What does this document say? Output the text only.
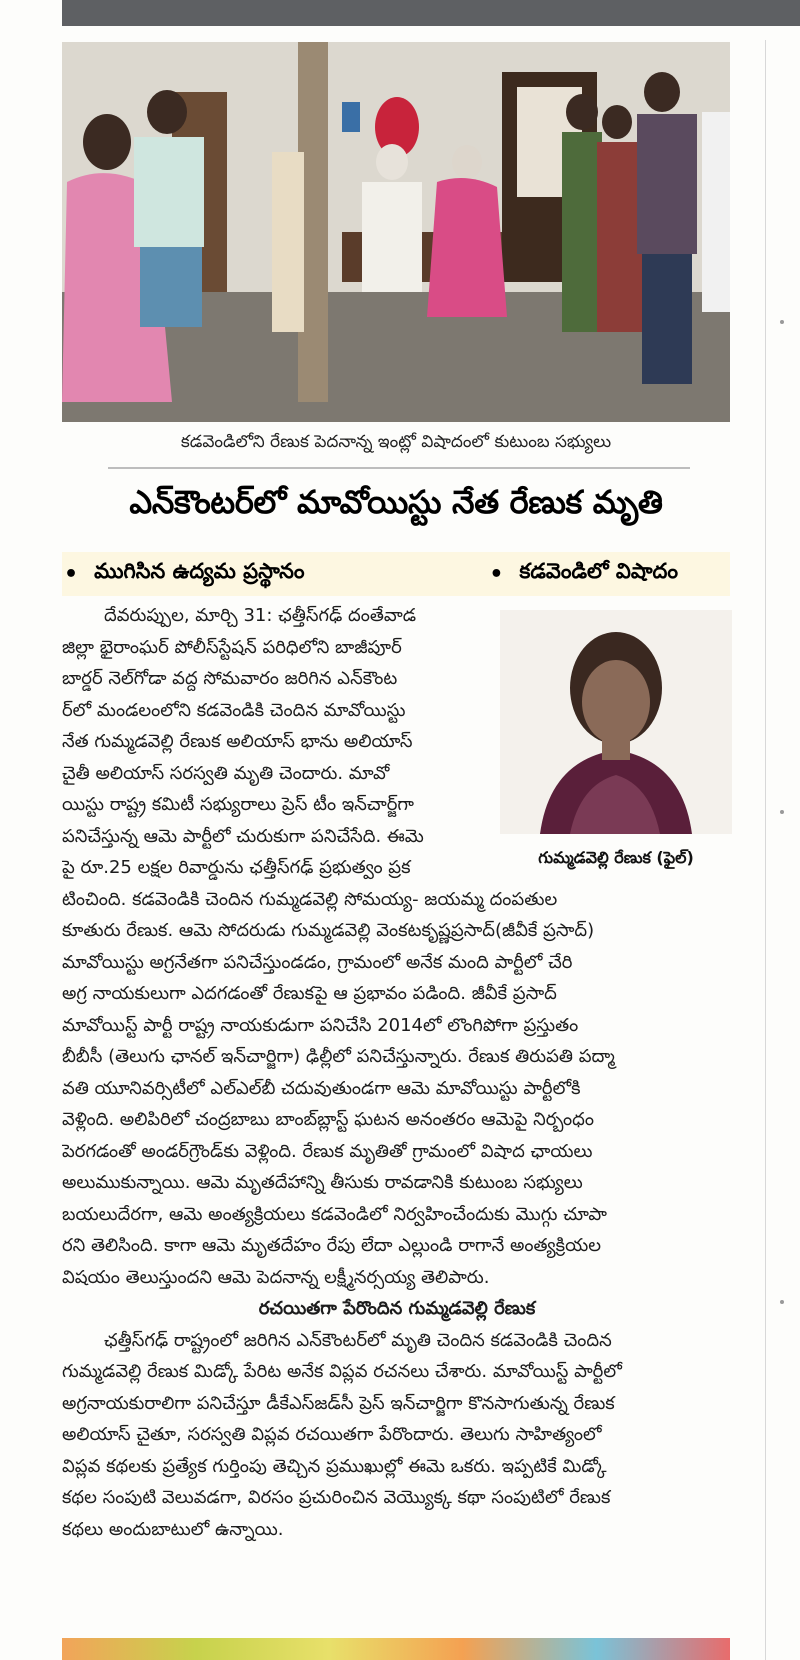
కడవెండిలోని రేణుక పెదనాన్న ఇంట్లో విషాదంలో కుటుంబ సభ్యులు
ఎన్‌కౌంటర్‌లో మావోయిస్టు నేత రేణుక మృతి
• ముగిసిన ఉద్యమ ప్రస్థానం	• కడవెండిలో విషాదం
గుమ్మడవెల్లి రేణుక (ఫైల్)
దేవరుప్పుల, మార్చి 31: ఛత్తీస్‌గఢ్ దంతేవాడ
జిల్లా భైరాంఘర్ పోలీస్‌స్టేషన్ పరిధిలోని బాజీపూర్
బార్డర్ నెల్‌గోడా వద్ద సోమవారం జరిగిన ఎన్‌కౌంట
ర్‌లో మండలంలోని కడవెండికి చెందిన మావోయిస్టు
నేత గుమ్మడవెల్లి రేణుక అలియాస్ భాను అలియాస్
చైతీ అలియాస్ సరస్వతి మృతి చెందారు. మావో
యిస్టు రాష్ట్ర కమిటీ సభ్యురాలు ప్రెస్ టీం ఇన్‌చార్జ్‌గా
పనిచేస్తున్న ఆమె పార్టీలో చురుకుగా పనిచేసేది. ఈమె
పై రూ.25 లక్షల రివార్డును ఛత్తీస్‌గఢ్ ప్రభుత్వం ప్రక
టించింది. కడవెండికి చెందిన గుమ్మడవెల్లి సోమయ్య- జయమ్మ దంపతుల
కూతురు రేణుక. ఆమె సోదరుడు గుమ్మడవెల్లి వెంకటకృష్ణప్రసాద్(జీవీకే ప్రసాద్)
మావోయిస్టు అగ్రనేతగా పనిచేస్తుండడం, గ్రామంలో అనేక మంది పార్టీలో చేరి
అగ్ర నాయకులుగా ఎదగడంతో రేణుకపై ఆ ప్రభావం పడింది. జీవీకే ప్రసాద్
మావోయిస్ట్ పార్టీ రాష్ట్ర నాయకుడుగా పనిచేసి 2014లో లొంగిపోగా ప్రస్తుతం
బీబీసీ (తెలుగు ఛానల్ ఇన్‌చార్జిగా) ఢిల్లీలో పనిచేస్తున్నారు. రేణుక తిరుపతి పద్మా
వతి యూనివర్సిటీలో ఎల్‌ఎల్‌బీ చదువుతుండగా ఆమె మావోయిస్టు పార్టీలోకి
వెళ్లింది. అలిపిరిలో చంద్రబాబు బాంబ్‌బ్లాస్ట్ ఘటన అనంతరం ఆమెపై నిర్బంధం
పెరగడంతో అండర్‌గ్రౌండ్‌కు వెళ్లింది. రేణుక మృతితో గ్రామంలో విషాద ఛాయలు
అలుముకున్నాయి. ఆమె మృతదేహాన్ని తీసుకు రావడానికి కుటుంబ సభ్యులు
బయలుదేరగా, ఆమె అంత్యక్రియలు కడవెండిలో నిర్వహించేందుకు మొగ్గు చూపా
రని తెలిసింది. కాగా ఆమె మృతదేహం రేపు లేదా ఎల్లుండి రాగానే అంత్యక్రియల
విషయం తెలుస్తుందని ఆమె పెదనాన్న లక్ష్మీనర్సయ్య తెలిపారు.
రచయితగా పేరొందిన గుమ్మడవెల్లి రేణుక
ఛత్తీస్‌గఢ్ రాష్ట్రంలో జరిగిన ఎన్‌కౌంటర్‌లో మృతి చెందిన కడవెండికి చెందిన
గుమ్మడవెల్లి రేణుక మిడ్కో పేరిట అనేక విప్లవ రచనలు చేశారు. మావోయిస్ట్ పార్టీలో
అగ్రనాయకురాలిగా పనిచేస్తూ డీకేఎస్‌జడ్‌సీ ప్రెస్ ఇన్‌చార్జిగా కొనసాగుతున్న రేణుక
అలియాస్ చైతూ, సరస్వతి విప్లవ రచయితగా పేరొందారు. తెలుగు సాహిత్యంలో
విప్లవ కథలకు ప్రత్యేక గుర్తింపు తెచ్చిన ప్రముఖుల్లో ఈమె ఒకరు. ఇప్పటికే మిడ్కో
కథల సంపుటి వెలువడగా, విరసం ప్రచురించిన వెయ్యొక్క కథా సంపుటిలో రేణుక
కథలు అందుబాటులో ఉన్నాయి.
